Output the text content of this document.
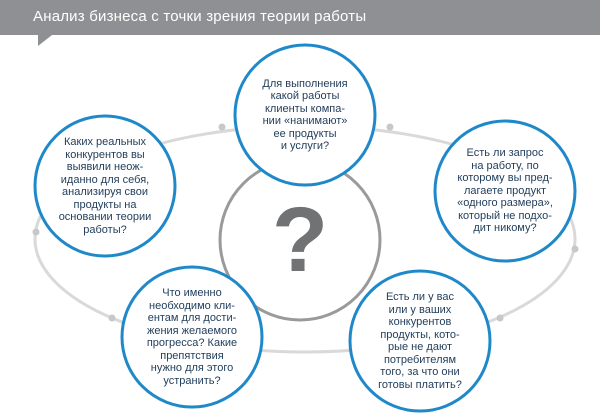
Анализ бизнеса с точки зрения теории работы
?
Для выполнения
какой работы
клиенты компа-
нии «нанимают»
ее продукты
и услуги?
Каких реальных
конкурентов вы
выявили неож-
иданно для себя,
анализируя свои
продукты на
основании теории
работы?
Есть ли запрос
на работу, по
которому вы пред-
лагаете продукт
«одного размера»,
который не подхо-
дит никому?
Что именно
необходимо кли-
ентам для дости-
жения желаемого
прогресса? Какие
препятствия
нужно для этого
устранить?
Есть ли у вас
или у ваших
конкурентов
продукты, кото-
рые не дают
потребителям
того, за что они
готовы платить?
